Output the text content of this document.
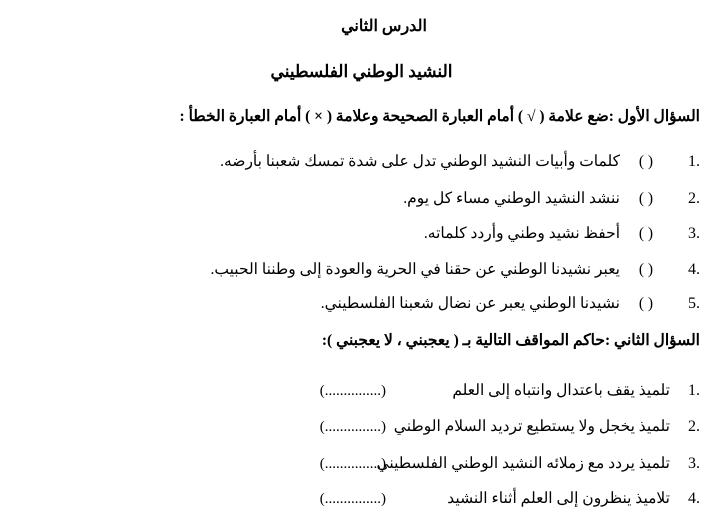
الدرس الثاني
النشيد الوطني الفلسطيني
السؤال الأول :ضع علامة ( √ ) أمام العبارة الصحيحة وعلامة ( × ) أمام العبارة الخطأ :
.1
( )
كلمات وأبيات النشيد الوطني تدل على شدة تمسك شعبنا بأرضه.
.2
( )
ننشد النشيد الوطني مساء كل يوم.
.3
( )
أحفظ نشيد وطني وأردد كلماته.
.4
( )
يعبر نشيدنا الوطني عن حقنا في الحرية والعودة إلى وطننا الحبيب.
.5
( )
نشيدنا الوطني يعبر عن نضال شعبنا الفلسطيني.
السؤال الثاني :حاكم المواقف التالية بـ ( يعجبني ، لا يعجبني ):
.1
تلميذ يقف باعتدال وانتباه إلى العلم
(...............)
.2
تلميذ يخجل ولا يستطيع ترديد السلام الوطني
(...............)
.3
تلميذ يردد مع زملائه النشيد الوطني الفلسطيني
(...............)
.4
تلاميذ ينظرون إلى العلم أثناء النشيد
(...............)
